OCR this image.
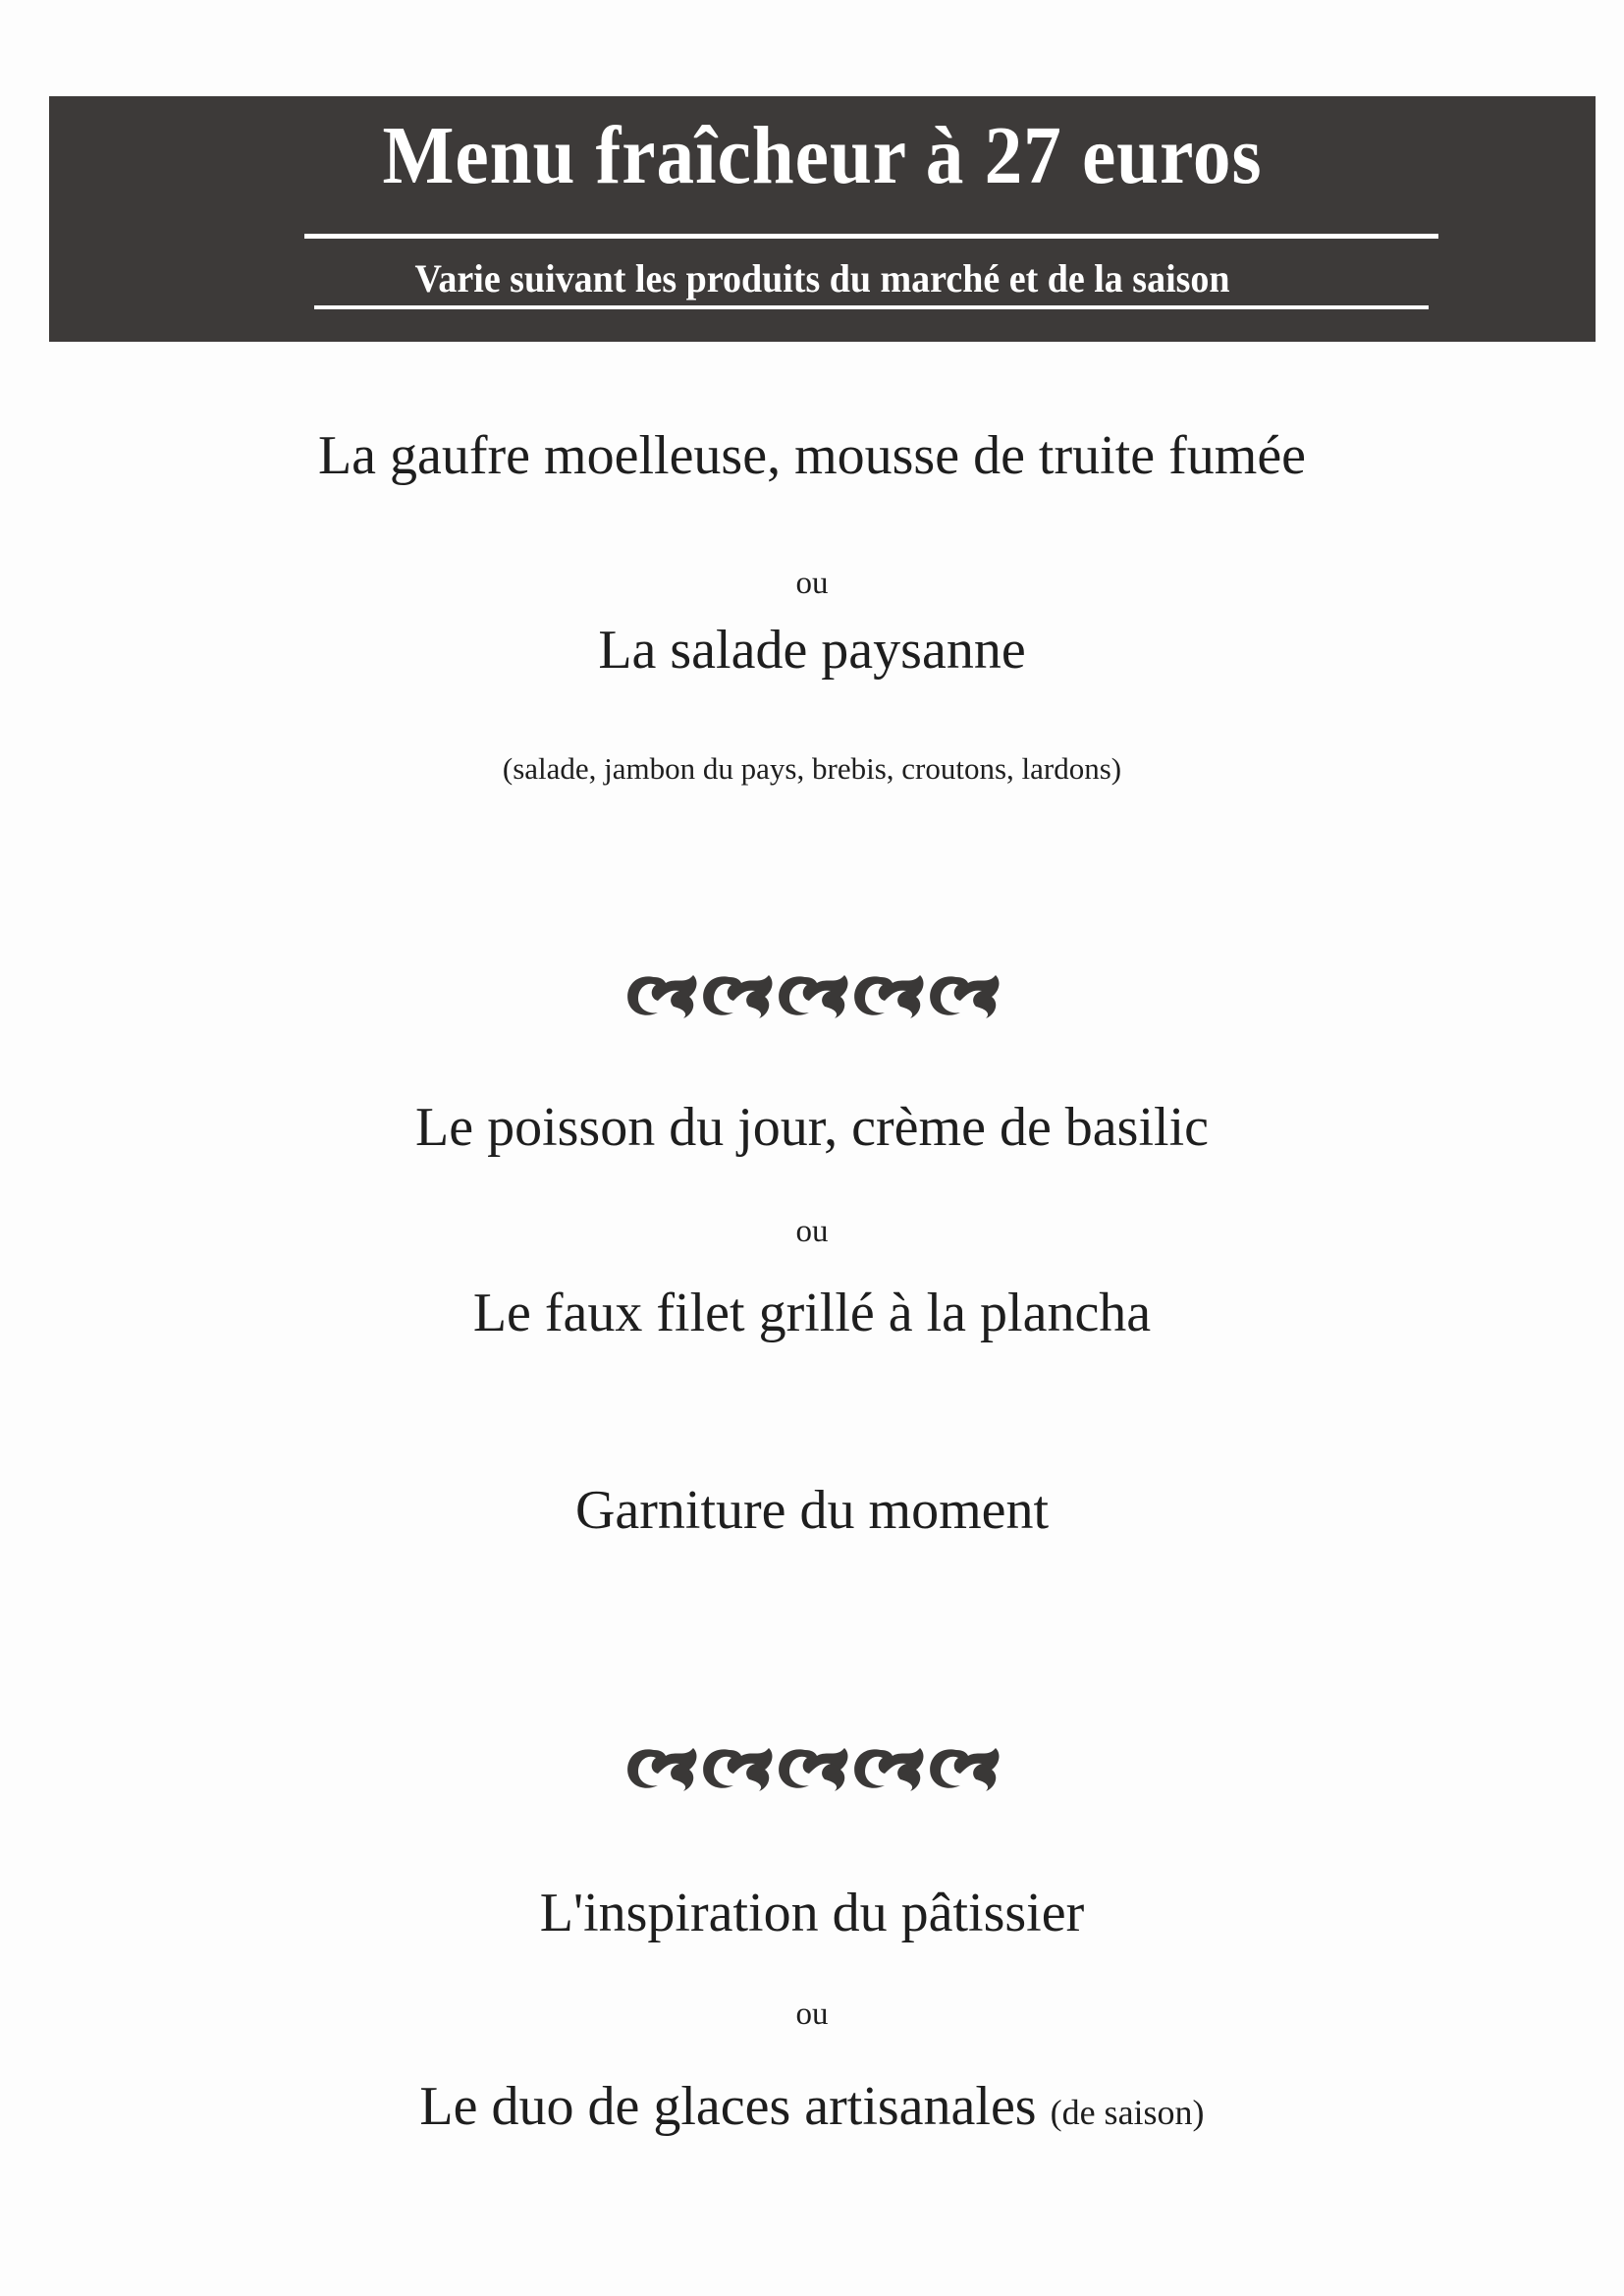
Menu fraîcheur à 27 euros
Varie suivant les produits du marché et de la saison
La gaufre moelleuse, mousse de truite fumée
ou
La salade paysanne
(salade, jambon du pays, brebis, croutons, lardons)
Le poisson du jour, crème de basilic
ou
Le faux filet grillé à la plancha
Garniture du moment
L'inspiration du pâtissier
ou
Le duo de glaces artisanales (de saison)
